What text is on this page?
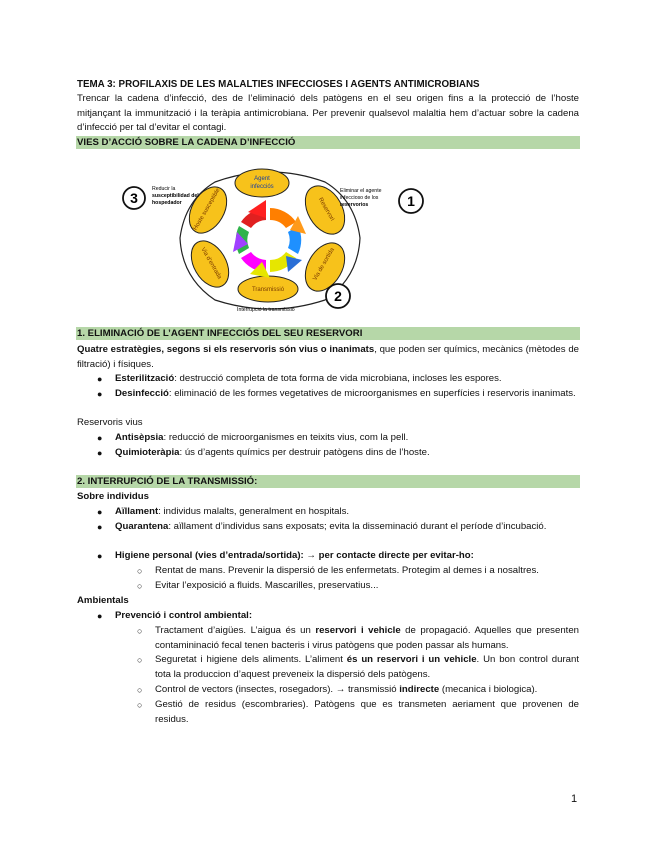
TEMA 3: PROFILAXIS DE LES MALALTIES INFECCIOSES I AGENTS ANTIMICROBIANS
Trencar la cadena d’infecció, des de l’eliminació dels patògens en el seu origen fins a la protecció de l’hoste mitjançant la immunització i la teràpia antimicrobiana. Per prevenir qualsevol malaltia hem d’actuar sobre la cadena d’infecció per tal d’evitar el contagi.
VIES D’ACCIÓ SOBRE LA CADENA D’INFECCIÓ
Agent
infecciós
Reservori
Via de sortida
Transmissió
Via d’entrada
Hoste susceptible
3	1
2
Reducir la
susceptibilidad del
hospedador
Eliminar el agente
infeccioso de los
reservorios
Interrupció la transmissió
1. ELIMINACIÓ DE L’AGENT INFECCIÓS DEL SEU RESERVORI
Quatre estratègies, segons si els reservoris són vius o inanimats, que poden ser químics, mecànics (mètodes de filtració) i físiques.
●	Esterilització: destrucció completa de tota forma de vida microbiana, incloses les espores.
●	Desinfecció: eliminació de les formes vegetatives de microorganismes en superfícies i reservoris inanimats.
Reservoris vius
●	Antisèpsia: reducció de microorganismes en teixits vius, com la pell.
●	Quimioteràpia: ús d’agents químics per destruir patògens dins de l’hoste.
2. INTERRUPCIÓ DE LA TRANSMISSIÓ:
Sobre individus
●	Aïllament: individus malalts, generalment en hospitals.
●	Quarantena: aïllament d’individus sans exposats; evita la disseminació durant el període d’incubació.
●	Higiene personal (vies d’entrada/sortida): → per contacte directe per evitar-ho:
○	Rentat de mans. Prevenir la dispersió de les enfermetats. Protegim al demes i a nosaltres.
○	Evitar l’exposició a fluids. Mascarilles, preservatius...
Ambientals
●	Prevenció i control ambiental:
○	Tractament d’aigües. L’aigua és un reservori i vehicle de propagació. Aquelles que presenten contamininació fecal tenen bacteris i virus patògens que poden passar als humans.
○	Seguretat i higiene dels aliments. L’aliment és un reservori i un vehicle. Un bon control durant tota la produccion d’aquest preveneix la dispersió dels patògens.
○	Control de vectors (insectes, rosegadors). → transmissió indirecte (mecanica i biologica).
○	Gestió de residus (escombraries). Patògens que es transmeten aeriament que provenen de residus.
1
